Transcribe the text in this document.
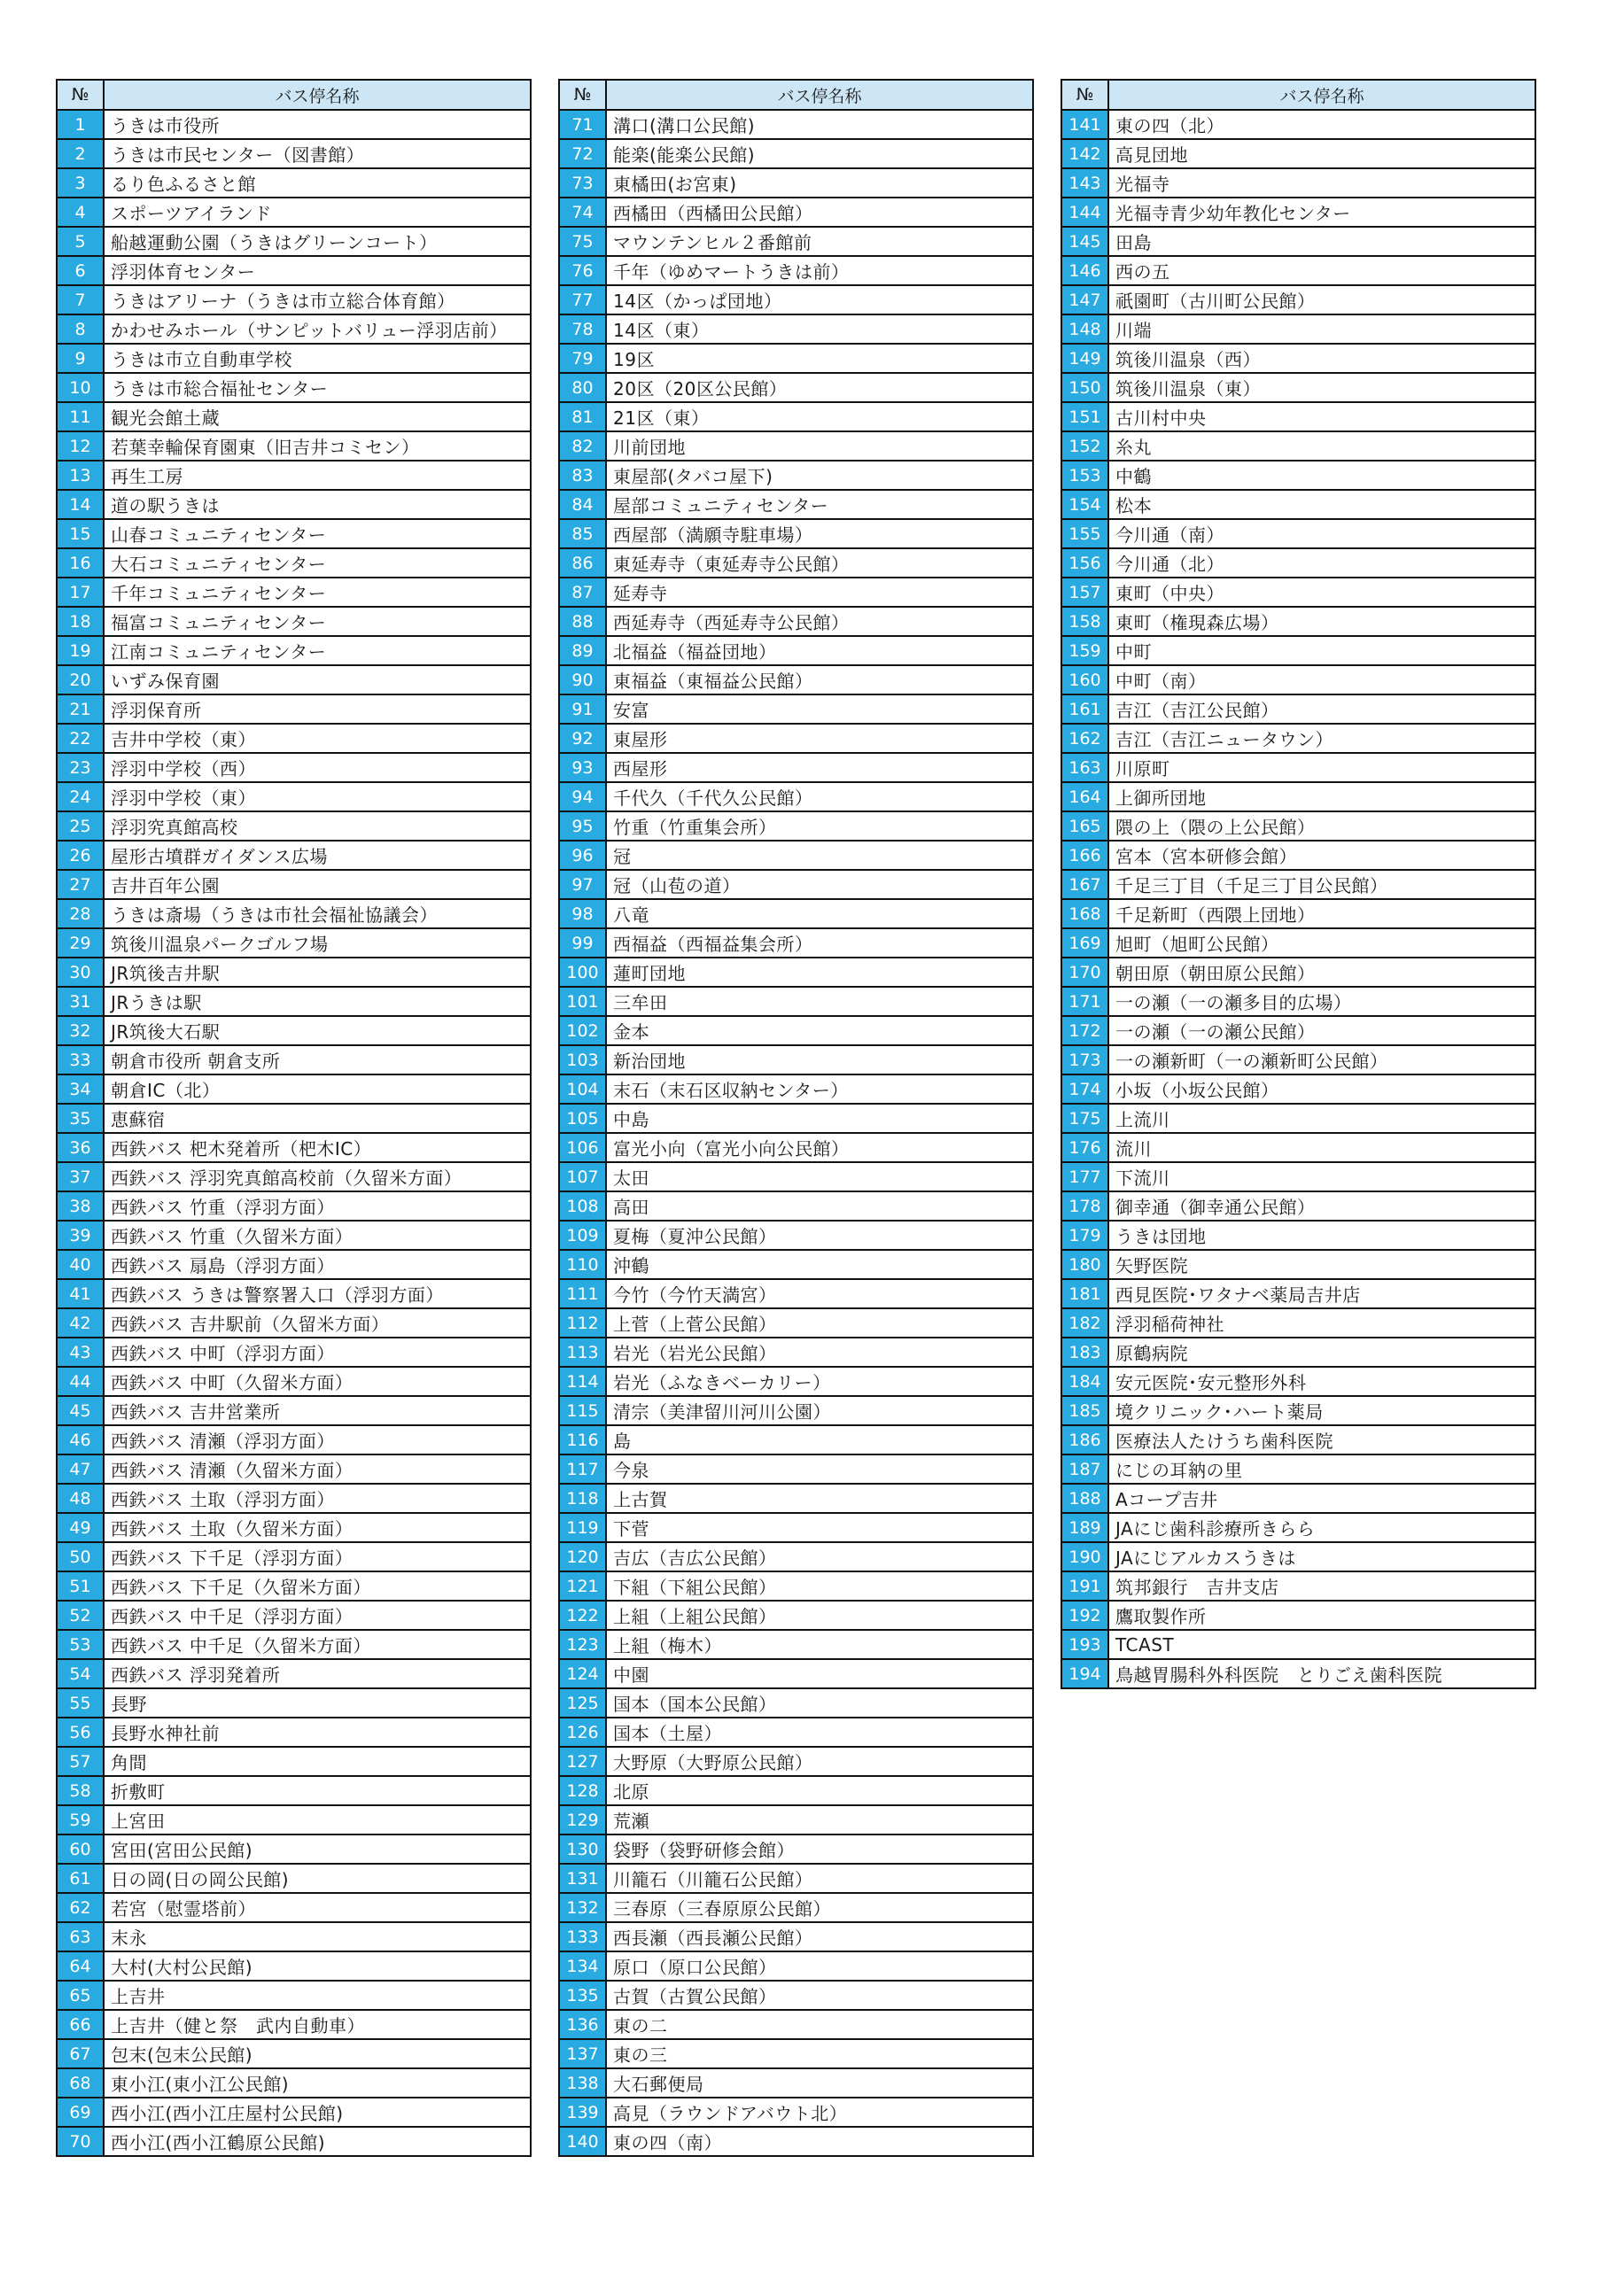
№	バス停名称
1	うきは市役所
2	うきは市民センター（図書館）
3	るり色ふるさと館
4	スポーツアイランド
5	船越運動公園（うきはグリーンコート）
6	浮羽体育センター
7	うきはアリーナ（うきは市立総合体育館）
8	かわせみホール（サンピットバリュー浮羽店前）
9	うきは市立自動車学校
10	うきは市総合福祉センター
11	観光会館土蔵
12	若葉幸輪保育園東（旧吉井コミセン）
13	再生工房
14	道の駅うきは
15	山春コミュニティセンター
16	大石コミュニティセンター
17	千年コミュニティセンター
18	福富コミュニティセンター
19	江南コミュニティセンター
20	いずみ保育園
21	浮羽保育所
22	吉井中学校（東）
23	浮羽中学校（西）
24	浮羽中学校（東）
25	浮羽究真館高校
26	屋形古墳群ガイダンス広場
27	吉井百年公園
28	うきは斎場（うきは市社会福祉協議会）
29	筑後川温泉パークゴルフ場
30	JR筑後吉井駅
31	JRうきは駅
32	JR筑後大石駅
33	朝倉市役所 朝倉支所
34	朝倉IC（北）
35	恵蘇宿
36	西鉄バス 杷木発着所（杷木IC）
37	西鉄バス 浮羽究真館高校前（久留米方面）
38	西鉄バス 竹重（浮羽方面）
39	西鉄バス 竹重（久留米方面）
40	西鉄バス 扇島（浮羽方面）
41	西鉄バス うきは警察署入口（浮羽方面）
42	西鉄バス 吉井駅前（久留米方面）
43	西鉄バス 中町（浮羽方面）
44	西鉄バス 中町（久留米方面）
45	西鉄バス 吉井営業所
46	西鉄バス 清瀬（浮羽方面）
47	西鉄バス 清瀬（久留米方面）
48	西鉄バス 土取（浮羽方面）
49	西鉄バス 土取（久留米方面）
50	西鉄バス 下千足（浮羽方面）
51	西鉄バス 下千足（久留米方面）
52	西鉄バス 中千足（浮羽方面）
53	西鉄バス 中千足（久留米方面）
54	西鉄バス 浮羽発着所
55	長野
56	長野水神社前
57	角間
58	折敷町
59	上宮田
60	宮田(宮田公民館)
61	日の岡(日の岡公民館)
62	若宮（慰霊塔前）
63	末永
64	大村(大村公民館)
65	上吉井
66	上吉井（健と祭　武内自動車）
67	包末(包末公民館)
68	東小江(東小江公民館)
69	西小江(西小江庄屋村公民館)
70	西小江(西小江鶴原公民館)
№	バス停名称
71	溝口(溝口公民館)
72	能楽(能楽公民館)
73	東橘田(お宮東)
74	西橘田（西橘田公民館）
75	マウンテンヒル２番館前
76	千年（ゆめマートうきは前）
77	14区（かっぱ団地）
78	14区（東）
79	19区
80	20区（20区公民館）
81	21区（東）
82	川前団地
83	東屋部(タバコ屋下)
84	屋部コミュニティセンター
85	西屋部（満願寺駐車場）
86	東延寿寺（東延寿寺公民館）
87	延寿寺
88	西延寿寺（西延寿寺公民館）
89	北福益（福益団地）
90	東福益（東福益公民館）
91	安富
92	東屋形
93	西屋形
94	千代久（千代久公民館）
95	竹重（竹重集会所）
96	冠
97	冠（山苞の道）
98	八竜
99	西福益（西福益集会所）
100	蓮町団地
101	三牟田
102	金本
103	新治団地
104	末石（末石区収納センター）
105	中島
106	富光小向（富光小向公民館）
107	太田
108	高田
109	夏梅（夏沖公民館）
110	沖鶴
111	今竹（今竹天満宮）
112	上菅（上菅公民館）
113	岩光（岩光公民館）
114	岩光（ふなきベーカリー）
115	清宗（美津留川河川公園）
116	島
117	今泉
118	上古賀
119	下菅
120	吉広（吉広公民館）
121	下組（下組公民館）
122	上組（上組公民館）
123	上組（梅木）
124	中園
125	国本（国本公民館）
126	国本（土屋）
127	大野原（大野原公民館）
128	北原
129	荒瀬
130	袋野（袋野研修会館）
131	川籠石（川籠石公民館）
132	三春原（三春原原公民館）
133	西長瀬（西長瀬公民館）
134	原口（原口公民館）
135	古賀（古賀公民館）
136	東の二
137	東の三
138	大石郵便局
139	高見（ラウンドアバウト北）
140	東の四（南）
№	バス停名称
141	東の四（北）
142	高見団地
143	光福寺
144	光福寺青少幼年教化センター
145	田島
146	西の五
147	祇園町（古川町公民館）
148	川端
149	筑後川温泉（西）
150	筑後川温泉（東）
151	古川村中央
152	糸丸
153	中鶴
154	松本
155	今川通（南）
156	今川通（北）
157	東町（中央）
158	東町（権現森広場）
159	中町
160	中町（南）
161	吉江（吉江公民館）
162	吉江（吉江ニュータウン）
163	川原町
164	上御所団地
165	隈の上（隈の上公民館）
166	宮本（宮本研修会館）
167	千足三丁目（千足三丁目公民館）
168	千足新町（西隈上団地）
169	旭町（旭町公民館）
170	朝田原（朝田原公民館）
171	一の瀬（一の瀬多目的広場）
172	一の瀬（一の瀬公民館）
173	一の瀬新町（一の瀬新町公民館）
174	小坂（小坂公民館）
175	上流川
176	流川
177	下流川
178	御幸通（御幸通公民館）
179	うきは団地
180	矢野医院
181	西見医院･ワタナベ薬局吉井店
182	浮羽稲荷神社
183	原鶴病院
184	安元医院･安元整形外科
185	境クリニック･ハート薬局
186	医療法人たけうち歯科医院
187	にじの耳納の里
188	Aコープ吉井
189	JAにじ歯科診療所きらら
190	JAにじアルカスうきは
191	筑邦銀行　吉井支店
192	鷹取製作所
193	TCAST
194	鳥越胃腸科外科医院　とりごえ歯科医院
